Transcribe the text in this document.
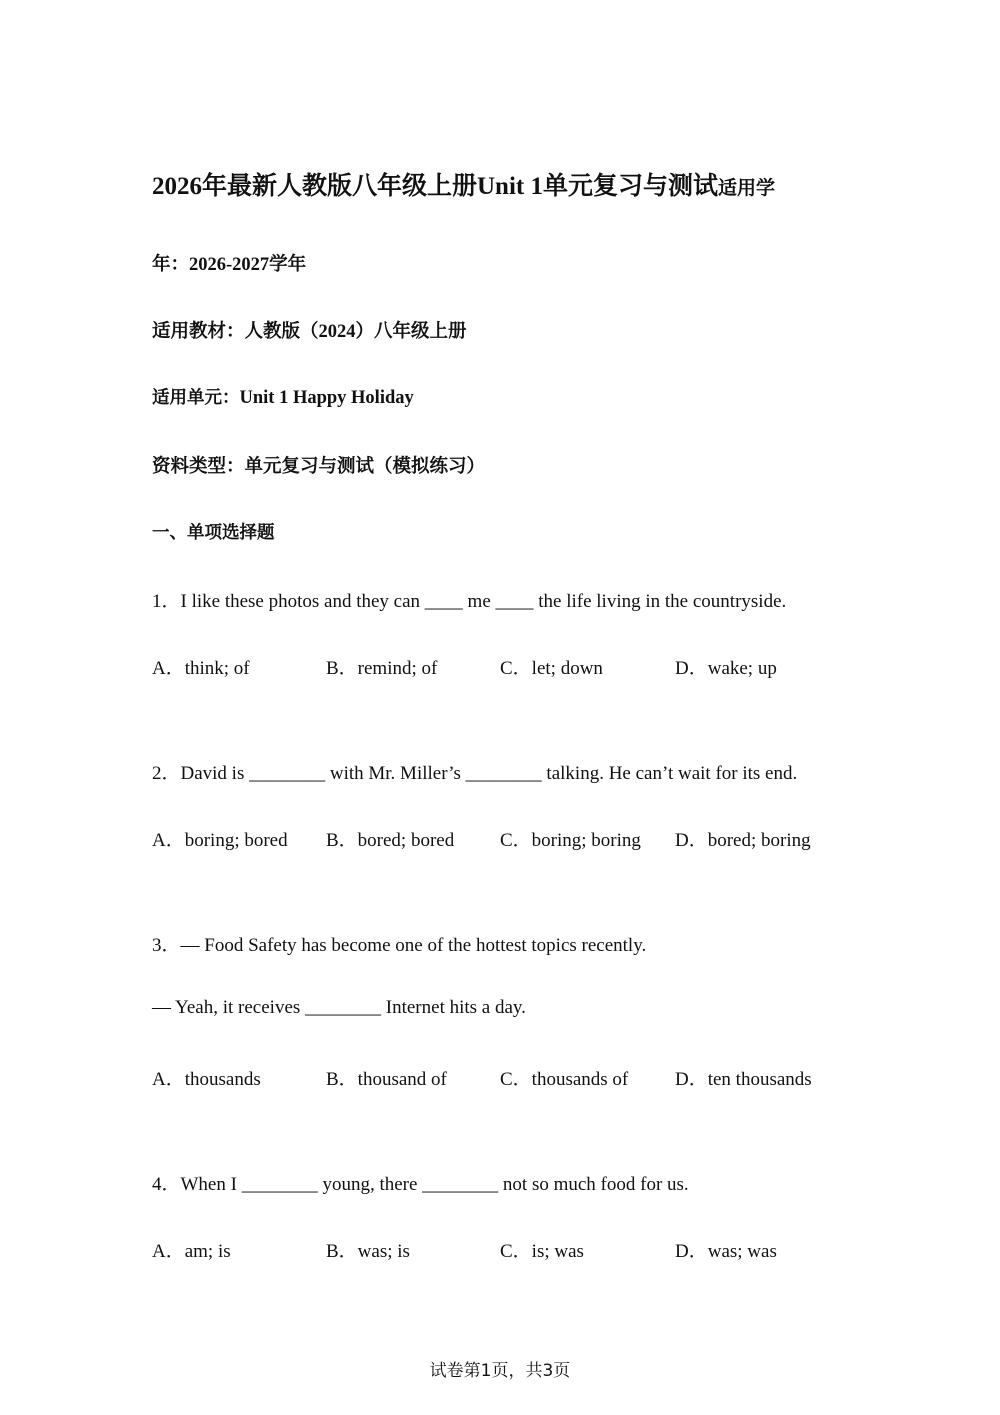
2026年最新人教版八年级上册Unit 1单元复习与测试适用学
年：2026-2027学年
适用教材：人教版（2024）八年级上册
适用单元：Unit 1 Happy Holiday
资料类型：单元复习与测试（模拟练习）
一、单项选择题
1．I like these photos and they can ____ me ____ the life living in the countryside.
A．think; of	B．remind; of	C．let; down	D．wake; up
2．David is ________ with Mr. Miller’s ________ talking. He can’t wait for its end.
A．boring; bored B．bored; bored C．boring; boring D．bored; boring
3．— Food Safety has become one of the hottest topics recently.
— Yeah, it receives ________ Internet hits a day.
A．thousands	B．thousand of	C．thousands of D．ten thousands
4．When I ________ young, there ________ not so much food for us.
A．am; is	B．was; is	C．is; was	D．was; was
试卷第1页，共3页
